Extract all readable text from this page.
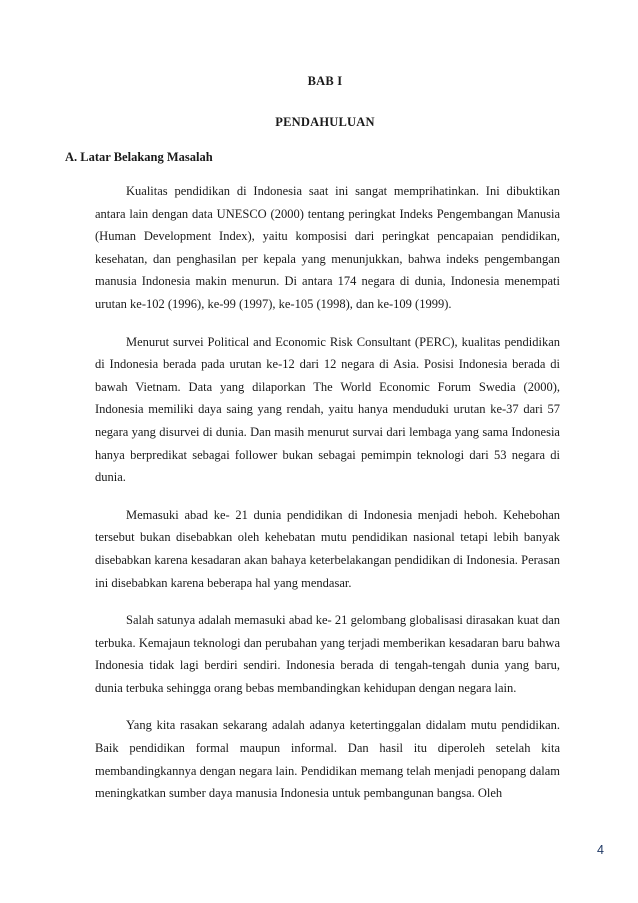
BAB I
PENDAHULUAN
A. Latar Belakang Masalah

Kualitas pendidikan di Indonesia saat ini sangat memprihatinkan. Ini dibuktikan antara lain dengan data UNESCO (2000) tentang peringkat Indeks Pengembangan Manusia (Human Development Index), yaitu komposisi dari peringkat pencapaian pendidikan, kesehatan, dan penghasilan per kepala yang menunjukkan, bahwa indeks pengembangan manusia Indonesia makin menurun. Di antara 174 negara di dunia, Indonesia menempati urutan ke-102 (1996), ke-99 (1997), ke-105 (1998), dan ke-109 (1999).

Menurut survei Political and Economic Risk Consultant (PERC), kualitas pendidikan di Indonesia berada pada urutan ke-12 dari 12 negara di Asia. Posisi Indonesia berada di bawah Vietnam. Data yang dilaporkan The World Economic Forum Swedia (2000), Indonesia memiliki daya saing yang rendah, yaitu hanya menduduki urutan ke-37 dari 57 negara yang disurvei di dunia. Dan masih menurut survai dari lembaga yang sama Indonesia hanya berpredikat sebagai follower bukan sebagai pemimpin teknologi dari 53 negara di dunia.

Memasuki abad ke- 21 dunia pendidikan di Indonesia menjadi heboh. Kehebohan tersebut bukan disebabkan oleh kehebatan mutu pendidikan nasional tetapi lebih banyak disebabkan karena kesadaran akan bahaya keterbelakangan pendidikan di Indonesia. Perasan ini disebabkan karena beberapa hal yang mendasar.

Salah satunya adalah memasuki abad ke- 21 gelombang globalisasi dirasakan kuat dan terbuka. Kemajaun teknologi dan perubahan yang terjadi memberikan kesadaran baru bahwa Indonesia tidak lagi berdiri sendiri. Indonesia berada di tengah-tengah dunia yang baru, dunia terbuka sehingga orang bebas membandingkan kehidupan dengan negara lain.

Yang kita rasakan sekarang adalah adanya ketertinggalan didalam mutu pendidikan. Baik pendidikan formal maupun informal. Dan hasil itu diperoleh setelah kita membandingkannya dengan negara lain. Pendidikan memang telah menjadi penopang dalam meningkatkan sumber daya manusia Indonesia untuk pembangunan bangsa. Oleh

4
